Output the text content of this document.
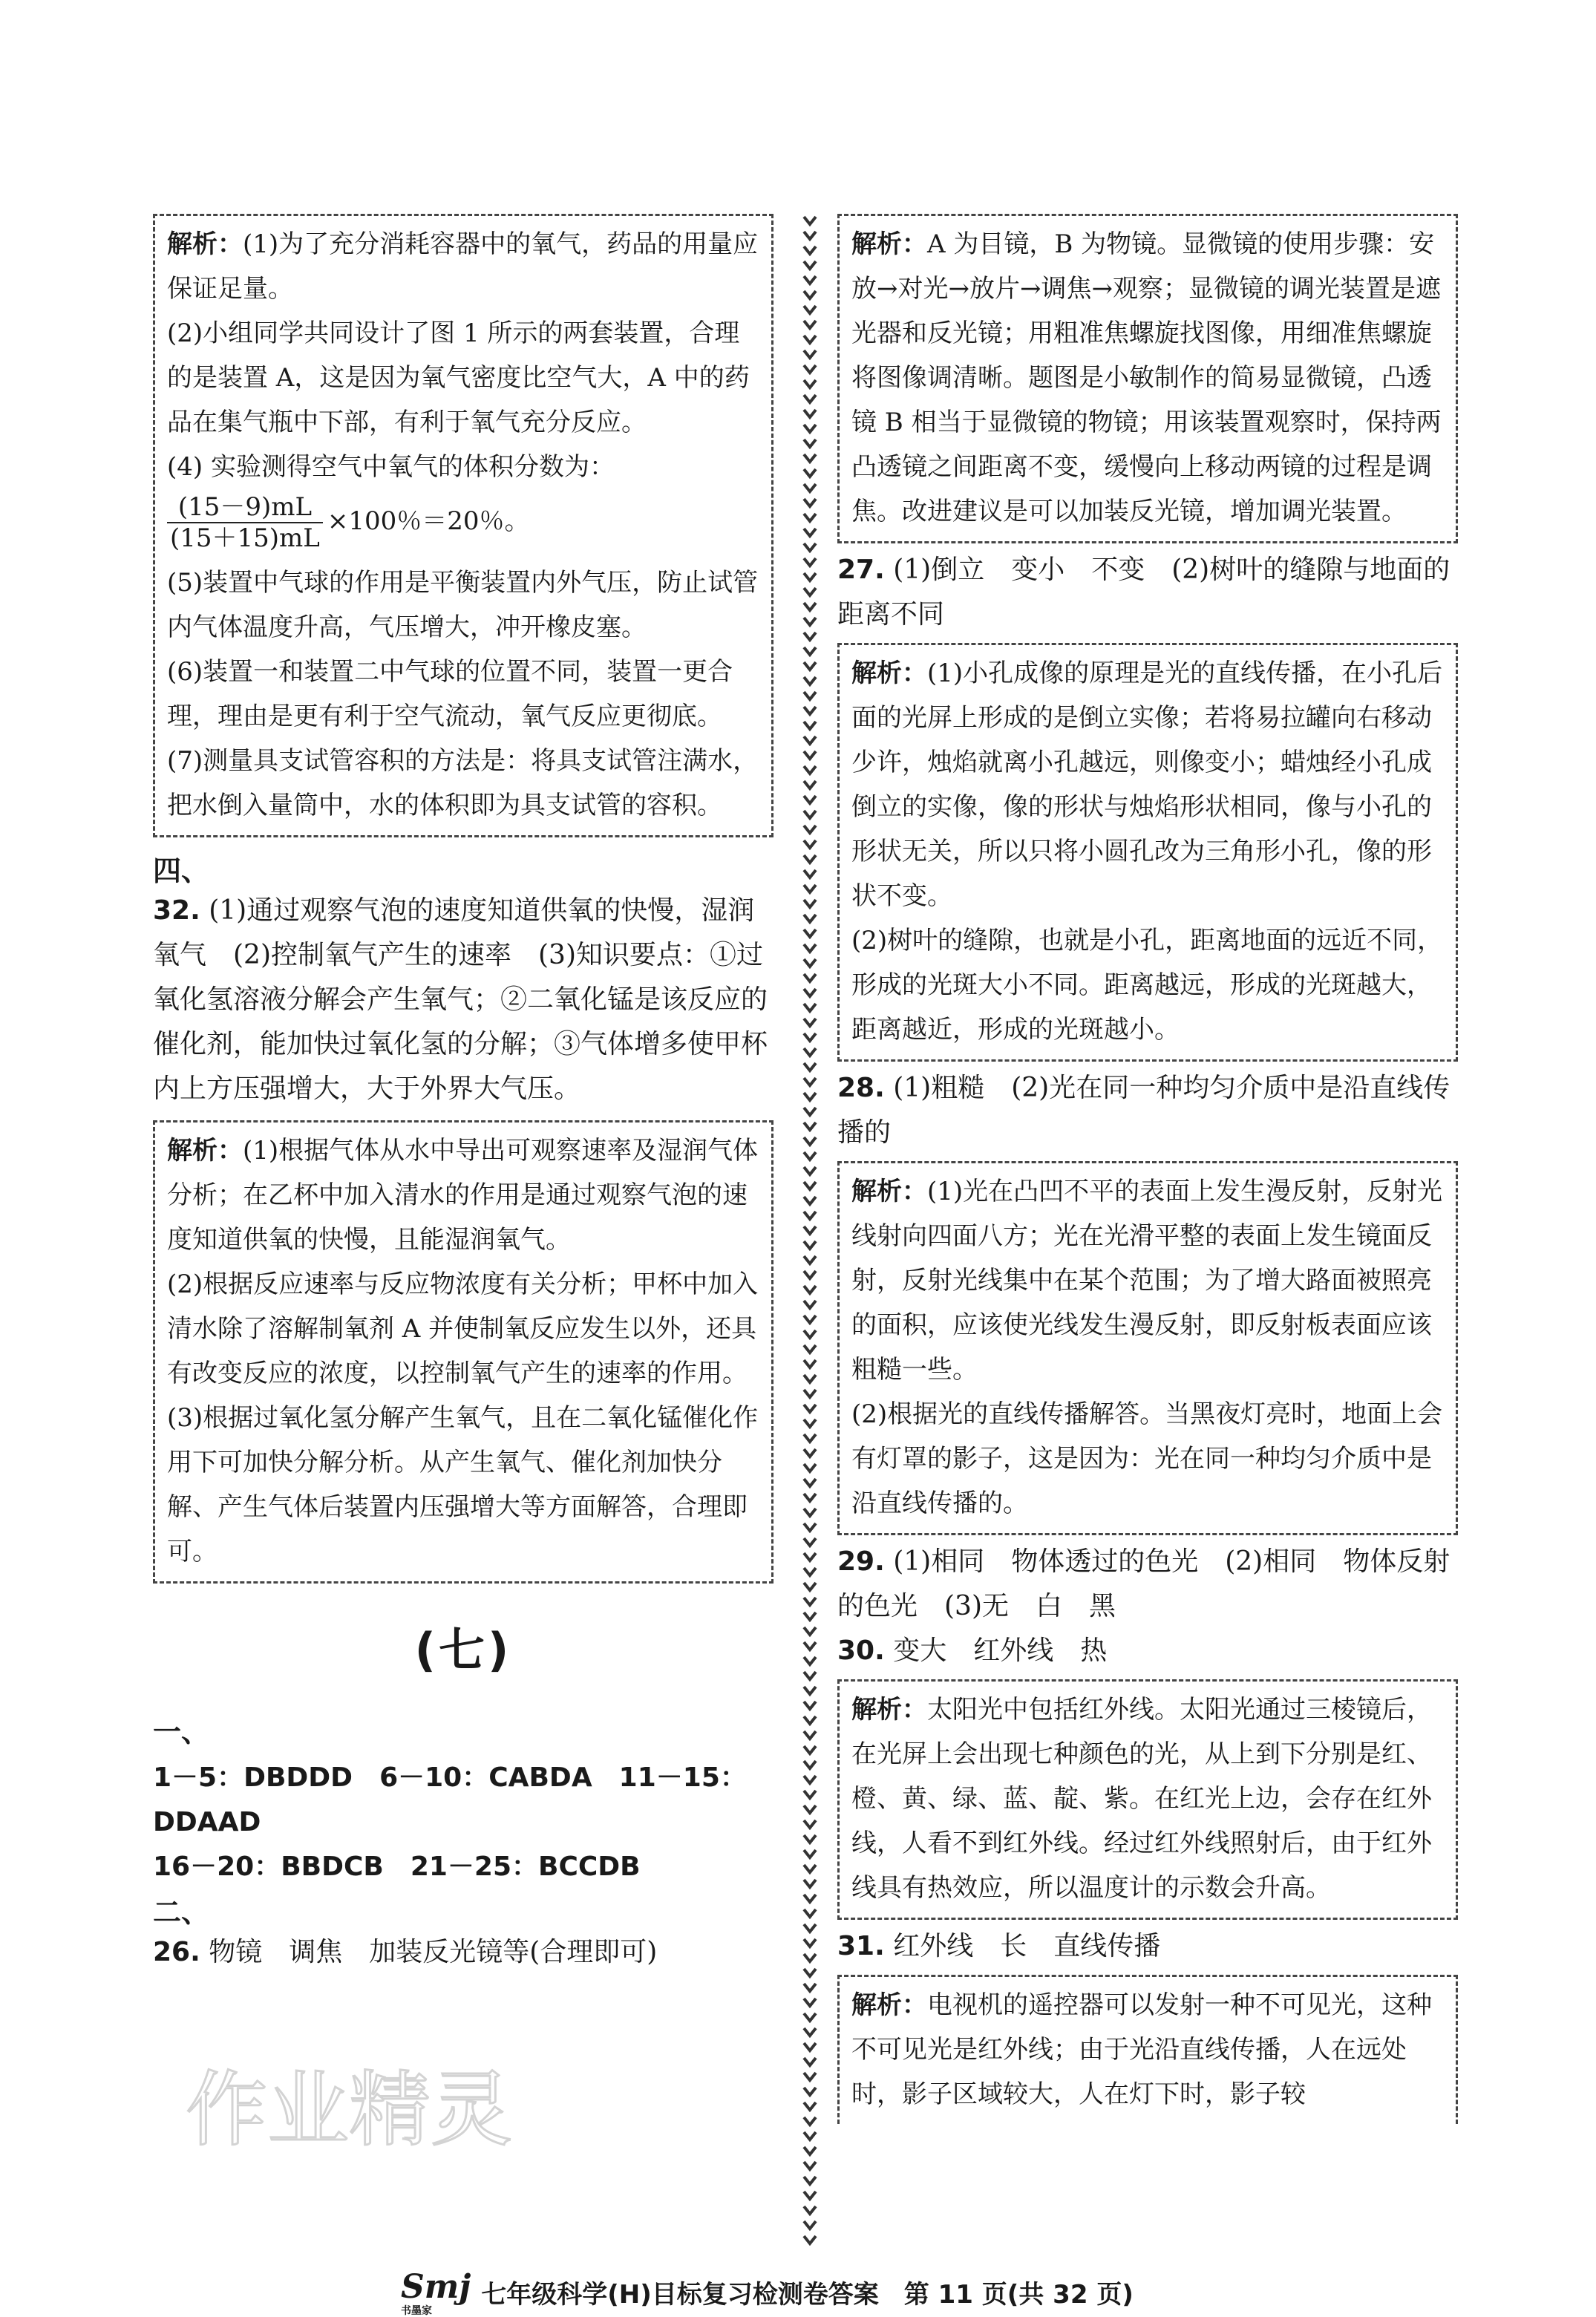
解析：(1)为了充分消耗容器中的氧气，药品的用量应保证足量。

(2)小组同学共同设计了图 1 所示的两套装置，合理的是装置 A，这是因为氧气密度比空气大，A 中的药品在集气瓶中下部，有利于氧气充分反应。

(4) 实验测得空气中氧气的体积分数为：

$\frac{(15-9)mL}{(15+15)mL} \times 100$％＝20％。

(5)装置中气球的作用是平衡装置内外气压，防止试管内气体温度升高，气压增大，冲开橡皮塞。

(6)装置一和装置二中气球的位置不同，装置一更合理，理由是更有利于空气流动，氧气反应更彻底。

(7)测量具支试管容积的方法是：将具支试管注满水，把水倒入量筒中，水的体积即为具支试管的容积。

四、

32. (1)通过观察气泡的速度知道供氧的快慢，湿润氧气　(2)控制氧气产生的速率　(3)知识要点：①过氧化氢溶液分解会产生氧气；②二氧化锰是该反应的催化剂，能加快过氧化氢的分解；③气体增多使甲杯内上方压强增大，大于外界大气压。

解析：(1)根据气体从水中导出可观察速率及湿润气体分析；在乙杯中加入清水的作用是通过观察气泡的速度知道供氧的快慢，且能湿润氧气。

(2)根据反应速率与反应物浓度有关分析；甲杯中加入清水除了溶解制氧剂 A 并使制氧反应发生以外，还具有改变反应的浓度，以控制氧气产生的速率的作用。

(3)根据过氧化氢分解产生氧气，且在二氧化锰催化作用下可加快分解分析。从产生氧气、催化剂加快分解、产生气体后装置内压强增大等方面解答，合理即可。

(七)

一、

1－5：DBDDD　6－10：CABDA　11－15：DDAAD

16－20：BBDCB　21－25：BCCDB

二、

26. 物镜　调焦　加装反光镜等(合理即可)

解析：A 为目镜，B 为物镜。显微镜的使用步骤：安放→对光→放片→调焦→观察；显微镜的调光装置是遮光器和反光镜；用粗准焦螺旋找图像，用细准焦螺旋将图像调清晰。题图是小敏制作的简易显微镜，凸透镜 B 相当于显微镜的物镜；用该装置观察时，保持两凸透镜之间距离不变，缓慢向上移动两镜的过程是调焦。改进建议是可以加装反光镜，增加调光装置。

27. (1)倒立　变小　不变　(2)树叶的缝隙与地面的距离不同

解析：(1)小孔成像的原理是光的直线传播，在小孔后面的光屏上形成的是倒立实像；若将易拉罐向右移动少许，烛焰就离小孔越远，则像变小；蜡烛经小孔成倒立的实像，像的形状与烛焰形状相同，像与小孔的形状无关，所以只将小圆孔改为三角形小孔，像的形状不变。

(2)树叶的缝隙，也就是小孔，距离地面的远近不同，形成的光斑大小不同。距离越远，形成的光斑越大，距离越近，形成的光斑越小。

28. (1)粗糙　(2)光在同一种均匀介质中是沿直线传播的

解析：(1)光在凸凹不平的表面上发生漫反射，反射光线射向四面八方；光在光滑平整的表面上发生镜面反射，反射光线集中在某个范围；为了增大路面被照亮的面积，应该使光线发生漫反射，即反射板表面应该粗糙一些。

(2)根据光的直线传播解答。当黑夜灯亮时，地面上会有灯罩的影子，这是因为：光在同一种均匀介质中是沿直线传播的。

29. (1)相同　物体透过的色光　(2)相同　物体反射的色光　(3)无　白　黑

30. 变大　红外线　热

解析：太阳光中包括红外线。太阳光通过三棱镜后，在光屏上会出现七种颜色的光，从上到下分别是红、橙、黄、绿、蓝、靛、紫。在红光上边，会存在红外线，人看不到红外线。经过红外线照射后，由于红外线具有热效应，所以温度计的示数会升高。

31. 红外线　长　直线传播

解析：电视机的遥控器可以发射一种不可见光，这种不可见光是红外线；由于光沿直线传播，人在远处时，影子区域较大，人在灯下时，影子较

作业精灵
Smj
书墨家
七年级科学(H)目标复习检测卷答案　第 11 页(共 32 页)
